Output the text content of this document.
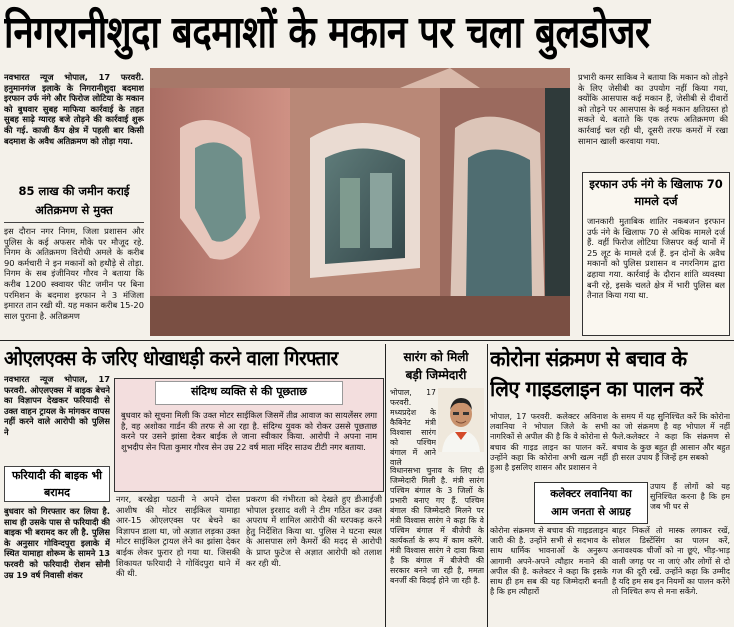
निगरानीशुदा बदमाशों के मकान पर चला बुलडोजर
नवभारत न्यूज भोपाल, 17 फरवरी. हनुमानगंज इलाके के निगरानीशुदा बदमाश इरफान उर्फ नंगे और फिरोज लोटिया के मकान को बुधवार सुबह माफिया कार्रवाई के तहत सुबह साढ़े ग्यारह बजे तोड़ने की कार्रवाई शुरू की गई. काजी कैंप क्षेत्र में पहली बार किसी बदमाश के अवैध अतिक्रमण को तोड़ा गया.
85 लाख की जमीन कराई अतिक्रमण से मुक्त
इस दौरान नगर निगम, जिला प्रशासन और पुलिस के कई अफसर मौके पर मौजूद रहे. निगम के अतिक्रमण विरोधी अमले के करीब 90 कर्मचारी ने इन मकानों को हथौड़े से तोड़ा. निगम के सब इंजीनियर गौरव ने बताया कि करीब 1200 स्क्वायर फीट जमीन पर बिना परमिशन के बदमाश इरफान ने 3 मंजिला इमारत तान रखी थी. यह मकान करीब 15-20 साल पुराना है. अतिक्रमण
प्रभारी कमर साकिब ने बताया कि मकान को तोड़ने के लिए जेसीबी का उपयोग नहीं किया गया, क्योंकि आसपास कई मकान हैं, जेसीबी से दीवारों को तोड़ने पर आसपास के कई मकान क्षतिग्रस्त हो सकते थे. बताते कि एक तरफ अतिक्रमण की कार्रवाई चल रही थी, दूसरी तरफ कमरों में रखा सामान खाली करवाया गया.
इरफान उर्फ नंगे के खिलाफ 70 मामले दर्ज
जानकारी मुताबिक शातिर नकबजन इरफान उर्फ नंगे के खिलाफ 70 से अधिक मामले दर्ज हैं. वहीं फिरोज लोटिया जिसपर कई थानों में 25 लूट के मामले दर्ज हैं. इन दोनों के अवैध मकानों को पुलिस प्रशासन व नगरनिगम द्वारा ढहाया गया. कार्रवाई के दौरान शांति व्यवस्था बनी रहे, इसके चलते क्षेत्र में भारी पुलिस बल तैनात किया गया था.
ओएलएक्स के जरिए धोखाधड़ी करने वाला गिरफ्तार
नवभारत न्यूज भोपाल, 17 फरवरी. ओएलएक्स में बाइक बेचने का विज्ञापन देखकर फरियादी से उक्त वाहन ट्रायल के मांगकर वापस नहीं करने वाले आरोपी को पुलिस ने
फरियादी की बाइक भी बरामद
बुधवार को गिरफ्तार कर लिया है. साथ ही उसके पास से फरियादी की बाइक भी बरामद कर ली है. पुलिस के अनुसार गोविन्दपुरा इलाके में स्थित यामाहा शोरूम के सामने 13 फरवरी को फरियादी रोशन सोनी उम्र 19 वर्ष निवासी शंकर
संदिग्ध व्यक्ति से की पूछताछ
बुधवार को सूचना मिली कि उक्त मोटर साईकिल जिसमें तीव्र आवाज का सायलेंसर लगा है, वह अशोका गार्डन की तरफ से आ रहा है. संदिग्ध युवक को रोकर उससे पूछताछ करने पर उसने झांसा देकर बाईक ले जाना स्वीकार किया. आरोपी ने अपना नाम शुभदीप सेन पिता कुमार गौरव सेन उम्र 22 वर्ष माता मंदिर साउथ टीटी नगर बताया.
नगर, बरखेड़ा पठानी ने अपने दोस्त आशीष की मोटर साईकिल यामाहा आर-15 ओएलएक्स पर बेचने का विज्ञापन डाला था, जो अज्ञात लड़का उक्त मोटर साईकिल ट्रायल लेने का झांसा देकर बाईक लेकर फुरार हो गया था. जिसकी शिकायत फरियादी ने गोविंदपुरा थाने में की थी.
प्रकरण की गंभीरता को देखते हुए डीआईजी भोपाल इरशाद वली ने टीम गठित कर उक्त अपराध में शामिल आरोपी की धरपकड़ करने हेतु निर्देशित किया था. पुलिस ने घटना स्थल के आसपास लगे कैमरों की मदद से आरोपी के प्राप्त फुटेज से अज्ञात आरोपी को तलाश कर रही थी.
सारंग को मिली
बड़ी जिम्मेदारी
भोपाल, 17 फरवरी. मध्यप्रदेश के कैबिनेट मंत्री विश्वास सारंग को पश्चिम बंगाल में आने वाले
विधानसभा चुनाव के लिए दी जिम्मेदारी मिली है. मंत्री सारंग पश्चिम बंगाल के 3 जिलों के प्रभारी बनाए गए हैं. पश्चिम बंगाल की जिम्मेदारी मिलने पर मंत्री विश्वास सारंग ने कहा कि वे पश्चिम बंगाल में बीजेपी के कार्यकर्ता के रूप में काम करेंगे. मंत्री विश्वास सारंग ने दावा किया है कि बंगाल में बीजेपी की सरकार बनने जा रही है, ममता बनर्जी की विदाई होने जा रही है.
कोरोना संक्रमण से बचाव के
लिए गाइडलाइन का पालन करें
भोपाल, 17 फरवरी. कलेक्टर अविनाश लवानिया ने भोपाल जिले के सभी नागरिकों से अपील की है कि वे कोरोना से बचाव की गाइड लाइन का पालन करें. उन्होंने कहा कि कोरोना अभी खत्म नहीं हुआ है इसलिए शासन और प्रशासन ने
कलेक्टर लवानिया का
आम जनता से आग्रह
कोरोना संक्रमण से बचाव की गाइडलाइन जारी की है. उन्होंने सभी से सदभाव के साथ धार्मिक भावनाओं के अनुरूप आगामी अपने-अपने त्यौहार मनाने की अपील की है. कलेक्टर ने कहा कि इसके साथ ही हम सब की यह जिम्मेदारी बनती है कि हम त्यौहारों
के समय में यह सुनिश्चित करें कि कोरोना का जो संक्रमण है वह भोपाल में नहीं फैले.कलेक्टर ने कहा कि संक्रमण से बचाव के कुछ बहुत ही आसान और बहुत ही सरल उपाय हैं जिन्हें हम सबको
उपाय हैं लोगों को यह सुनिश्चित करना है कि हम जब भी घर से
बाहर निकलें तो मास्क लगाकर रखें, सोशल डिस्टेंसिंग का पालन करें, अनावश्यक चीजों को ना छूएं, भीड़-भाड़ वाली जगह पर ना जाएं और लोगों से दो गज की दूरी रखें. उन्होंने कहा कि उम्मीद है यदि हम सब इन नियमों का पालन करेंगे तो निश्चित रूप से मना सकेंगे.
